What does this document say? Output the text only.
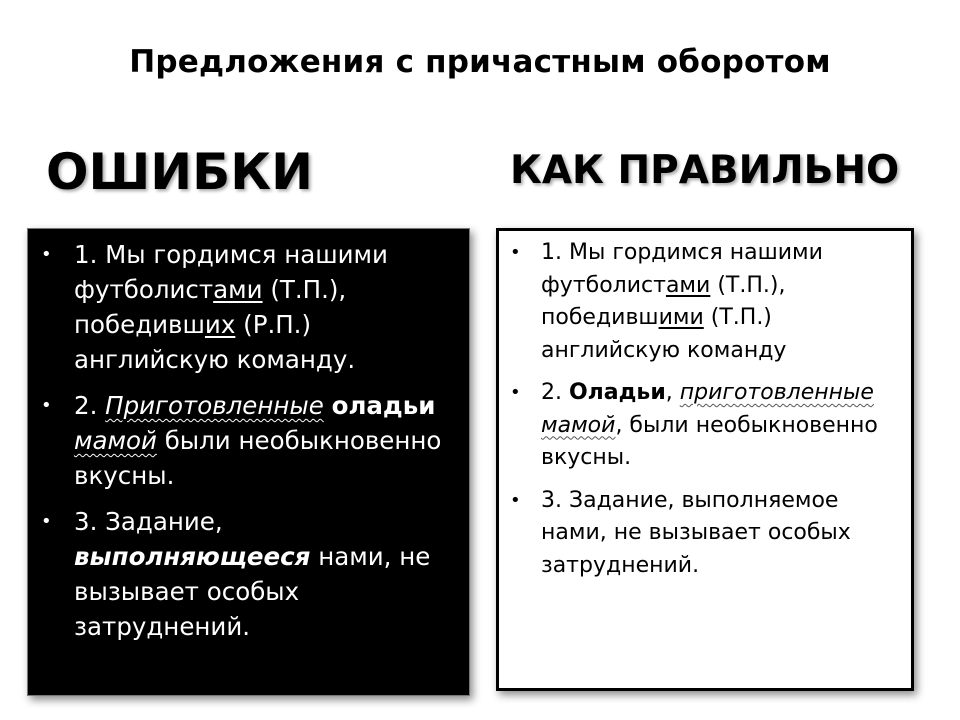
Предложения с причастным оборотом
ОШИБКИ	КАК ПРАВИЛЬНО
• 1. Мы гордимся нашими футболистами (Т.П.), победивших (Р.П.) английскую команду.
• 2. Приготовленные оладьи мамой были необыкновенно вкусны.
• 3. Задание, выполняющееся нами, не вызывает особых затруднений.
• 1. Мы гордимся нашими футболистами (Т.П.), победившими (Т.П.) английскую команду
• 2. Оладьи, приготовленные мамой, были необыкновенно вкусны.
• 3. Задание, выполняемое нами, не вызывает особых затруднений.
